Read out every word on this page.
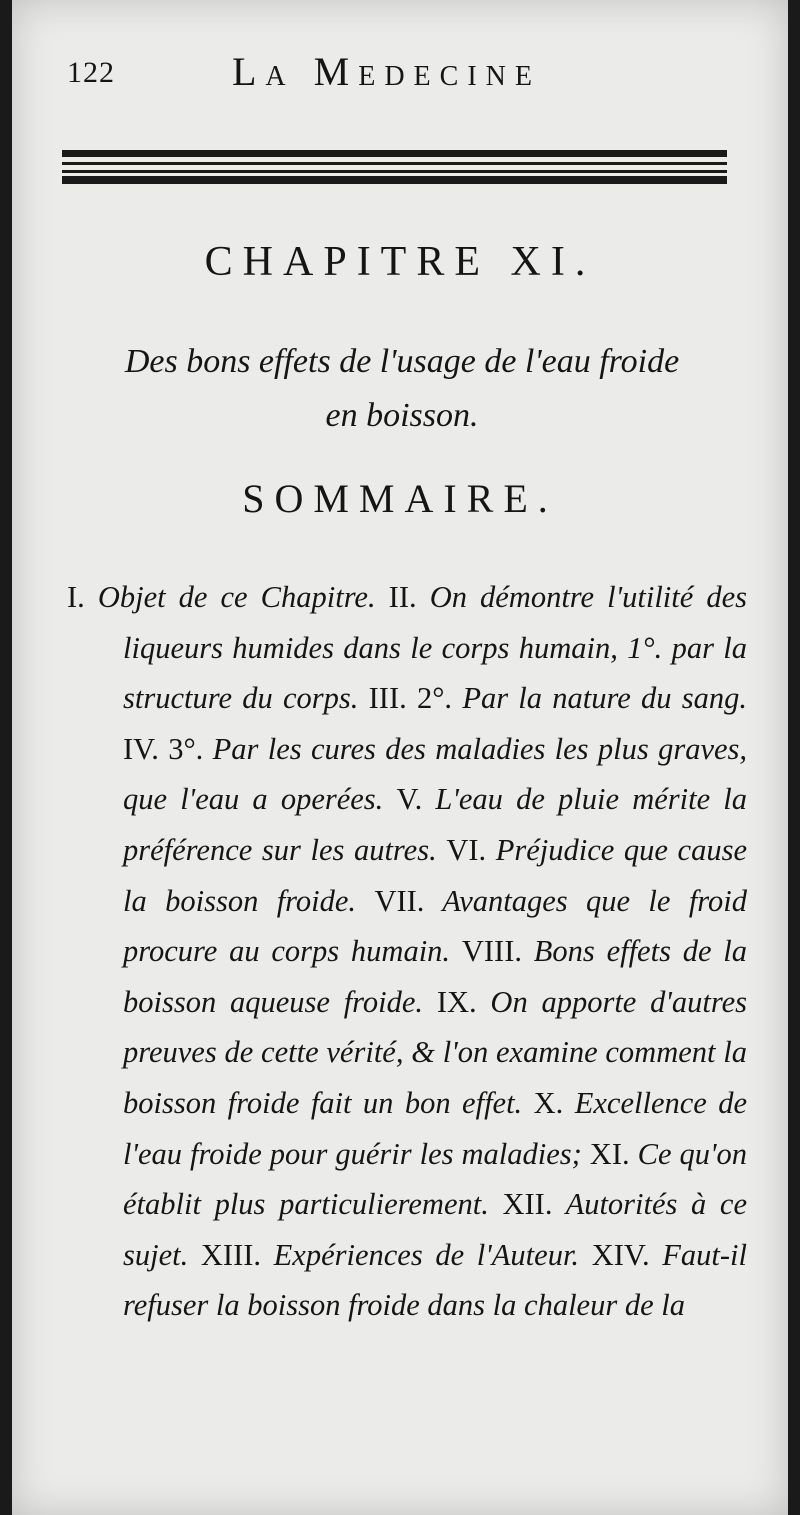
122	La Medecine
CHAPITRE XI.
Des bons effets de l'usage de l'eau froide
en boisson.
SOMMAIRE.

I. Objet de ce Chapitre. II. On démontre l'utilité des liqueurs humides dans le corps humain, 1°. par la structure du corps. III. 2°. Par la nature du sang. IV. 3°. Par les cures des maladies les plus graves, que l'eau a operées. V. L'eau de pluie mérite la préférence sur les autres. VI. Préjudice que cause la boisson froide. VII. Avantages que le froid procure au corps humain. VIII. Bons effets de la boisson aqueuse froide. IX. On apporte d'autres preuves de cette vérité, & l'on examine comment la boisson froide fait un bon effet. X. Excellence de l'eau froide pour guérir les maladies; XI. Ce qu'on établit plus particulierement. XII. Autorités à ce sujet. XIII. Expériences de l'Auteur. XIV. Faut-il refuser la boisson froide dans la chaleur de la
